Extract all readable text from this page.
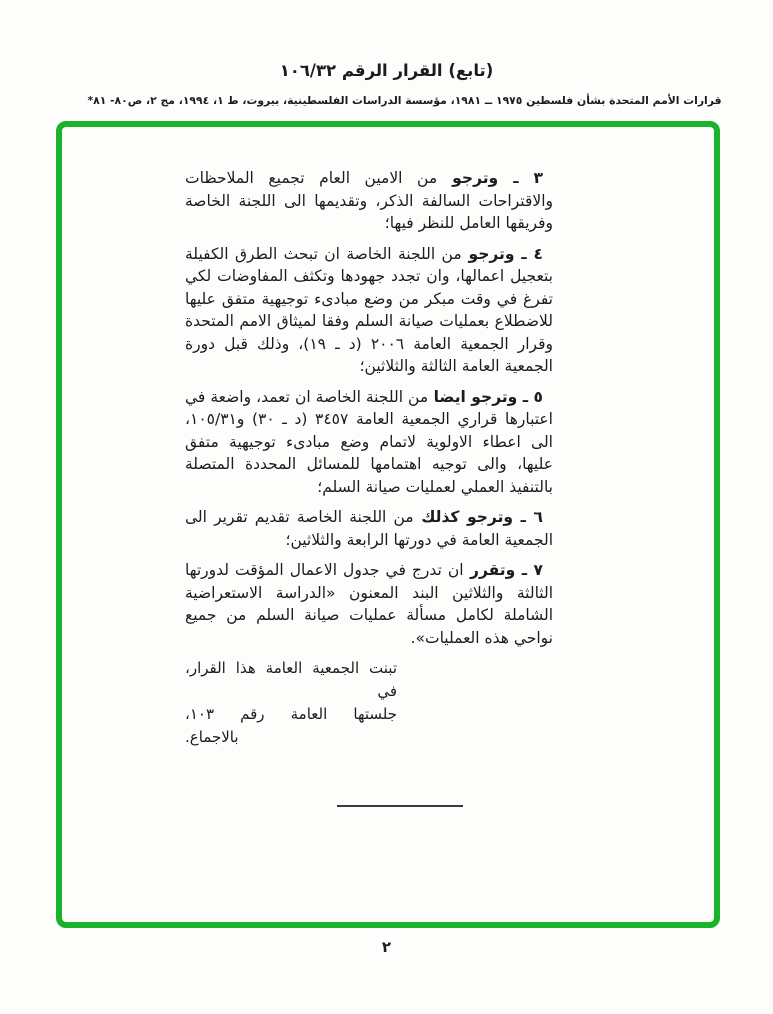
(تابع) القرار الرقم ١٠٦/٣٢
قرارات الأمم المتحدة بشأن فلسطين ١٩٧٥ ــ ١٩٨١، مؤسسة الدراسات الفلسطينية، بيروت، ط ١، ١٩٩٤، مج ٢، ص٨٠- ٨١*

٣ ـ وترجو من الامين العام تجميع الملاحظات والاقتراحات السالفة الذكر، وتقديمها الى اللجنة الخاصة وفريقها العامل للنظر فيها؛

٤ ـ وترجو من اللجنة الخاصة ان تبحث الطرق الكفيلة بتعجيل اعمالها، وان تجدد جهودها وتكثف المفاوضات لكي تفرغ في وقت مبكر من وضع مبادىء توجيهية متفق عليها للاضطلاع بعمليات صيانة السلم وفقا لميثاق الامم المتحدة وقرار الجمعية العامة ٢٠٠٦ (د ـ ١٩)، وذلك قبل دورة الجمعية العامة الثالثة والثلاثين؛

٥ ـ وترجو ايضا من اللجنة الخاصة ان تعمد، واضعة في اعتبارها قراري الجمعية العامة ٣٤٥٧ (د ـ ٣٠) و١٠٥/٣١، الى اعطاء الاولوية لاتمام وضع مبادىء توجيهية متفق عليها، والى توجيه اهتمامها للمسائل المحددة المتصلة بالتنفيذ العملي لعمليات صيانة السلم؛

٦ ـ وترجو كذلك من اللجنة الخاصة تقديم تقرير الى الجمعية العامة في دورتها الرابعة والثلاثين؛

٧ ـ وتقرر ان تدرج في جدول الاعمال المؤقت لدورتها الثالثة والثلاثين البند المعنون «الدراسة الاستعراضية الشاملة لكامل مسألة عمليات صيانة السلم من جميع نواحي هذه العمليات».

تبنت الجمعية العامة هذا القرار، في
جلستها العامة رقم ١٠٣،
بالاجماع.
٢
